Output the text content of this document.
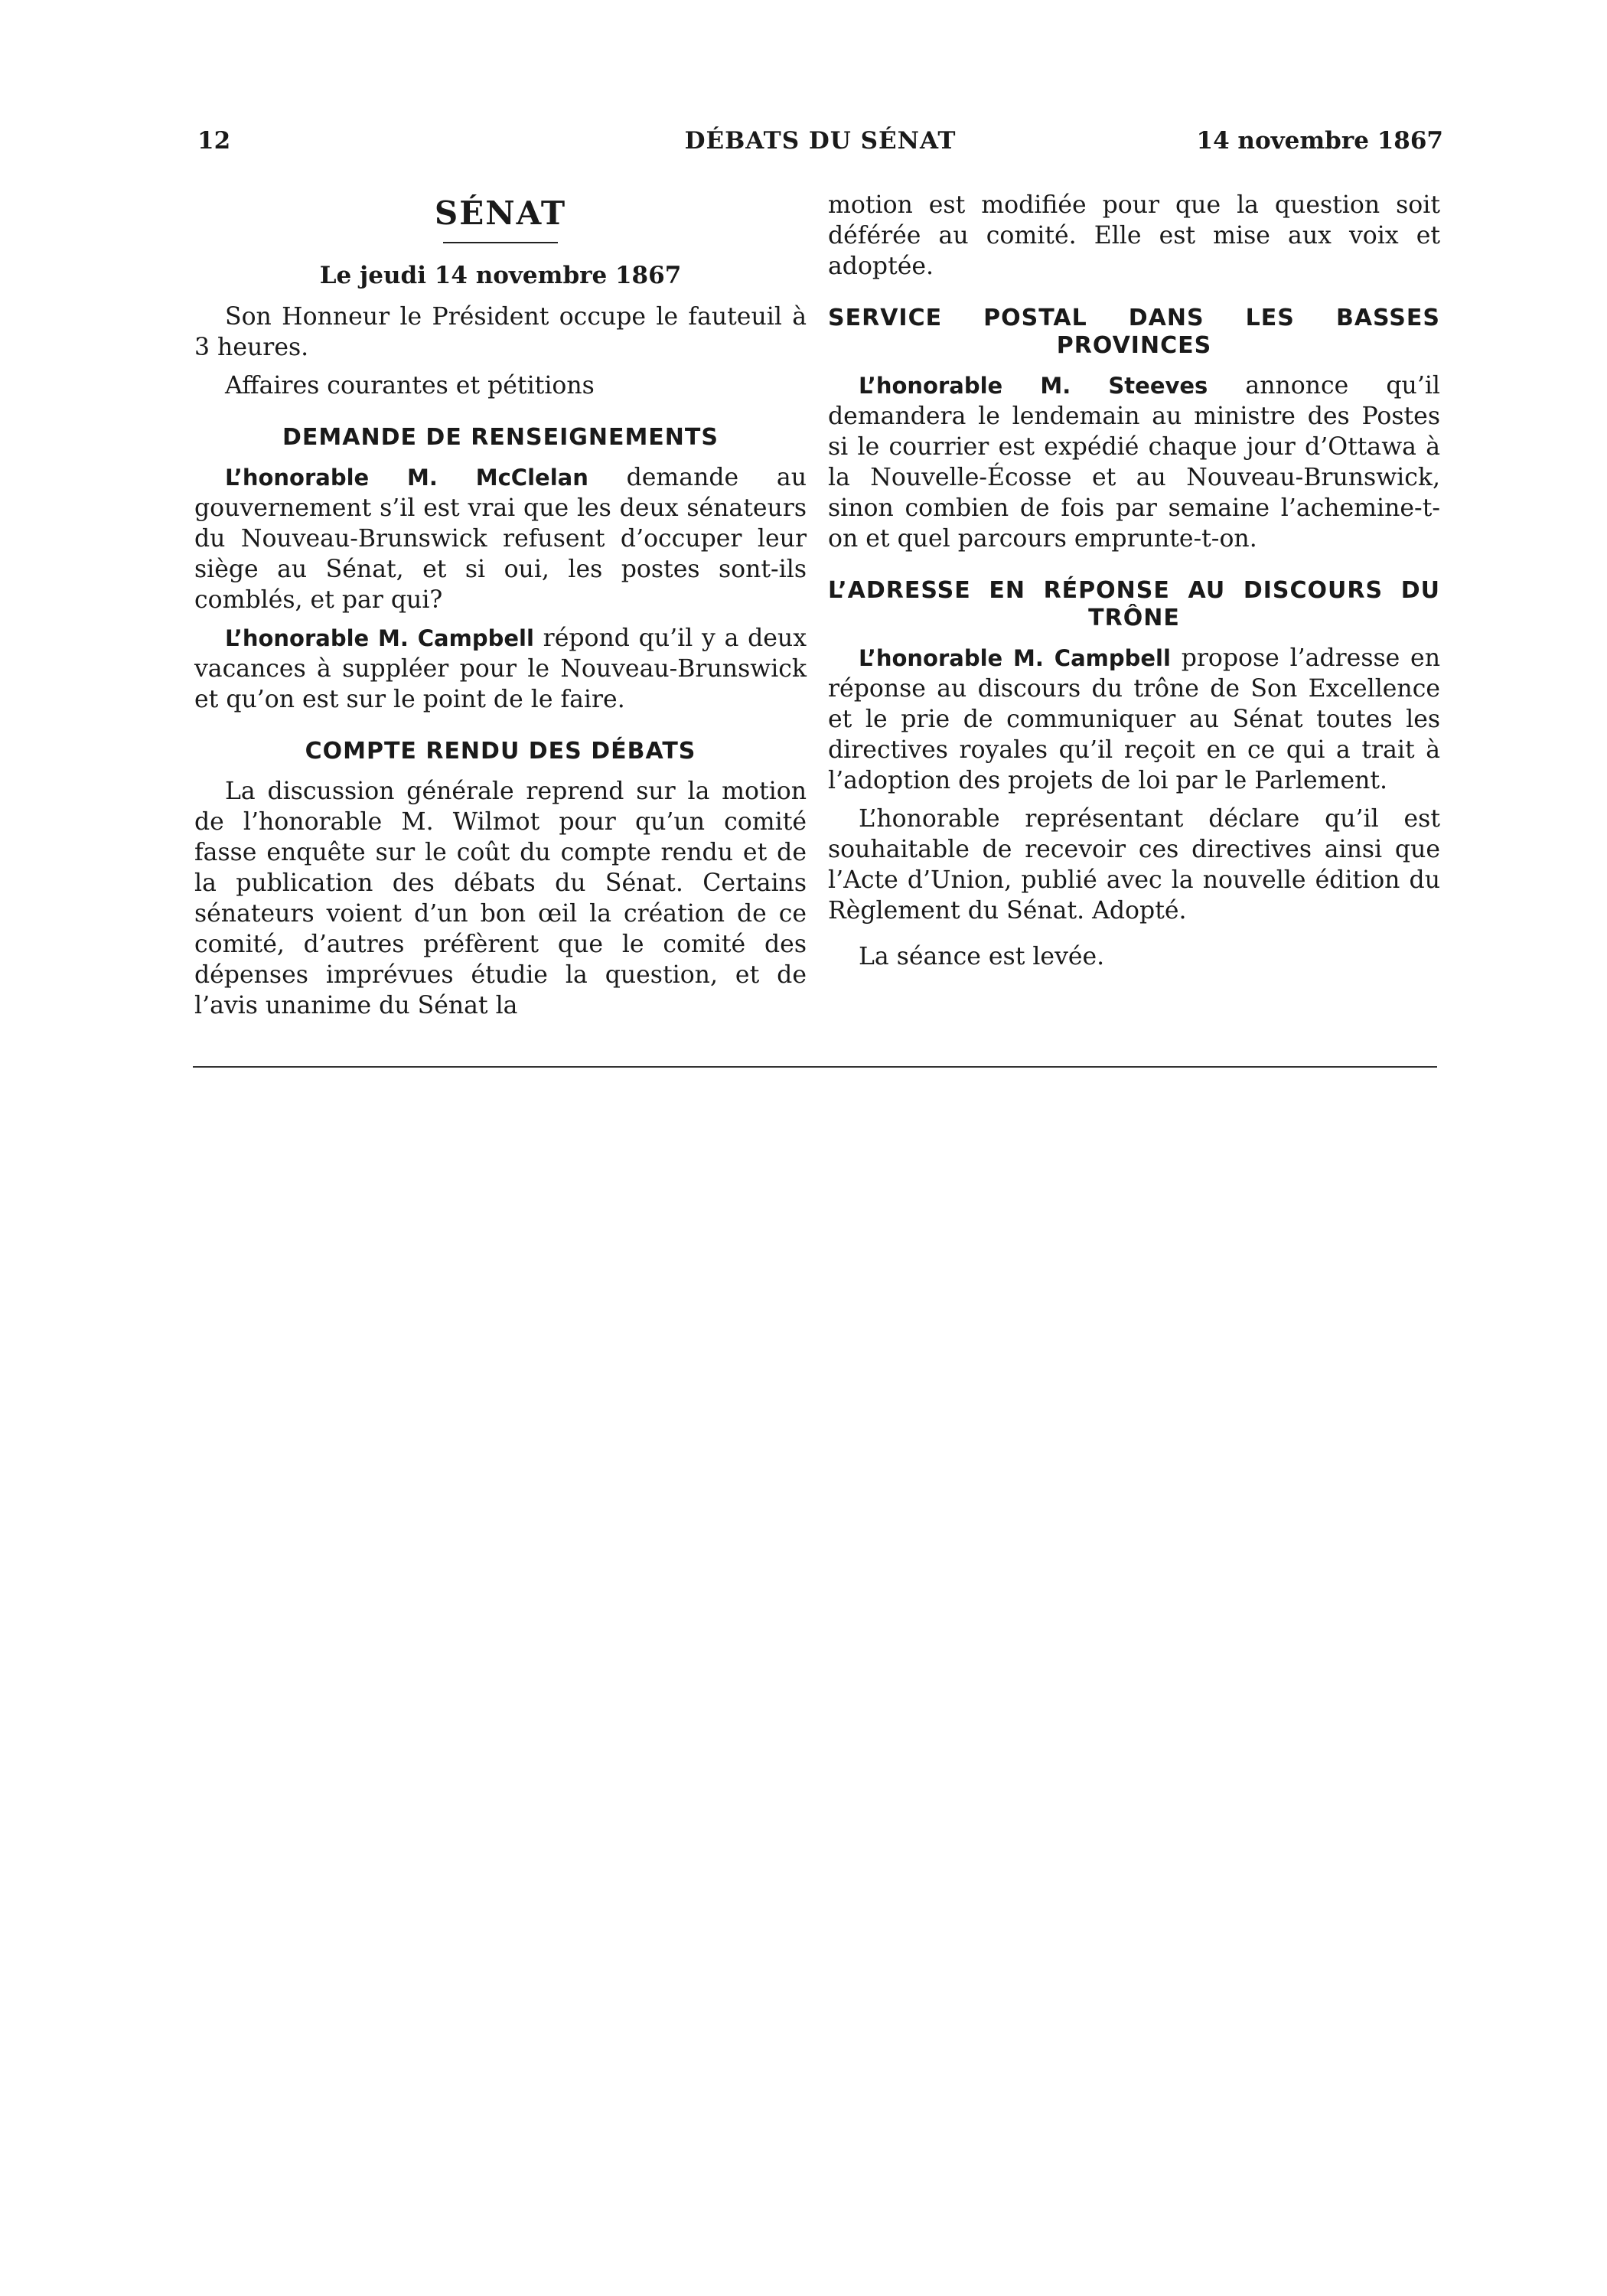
12	DÉBATS DU SÉNAT	14 novembre 1867
SÉNAT
Le jeudi 14 novembre 1867

Son Honneur le Président occupe le fauteuil à 3 heures.

Affaires courantes et pétitions

DEMANDE DE RENSEIGNEMENTS

L’honorable M. McClelan demande au gouvernement s’il est vrai que les deux sénateurs du Nouveau-Brunswick refusent d’occuper leur siège au Sénat, et si oui, les postes sont-ils comblés, et par qui?

L’honorable M. Campbell répond qu’il y a deux vacances à suppléer pour le Nouveau-Brunswick et qu’on est sur le point de le faire.

COMPTE RENDU DES DÉBATS

La discussion générale reprend sur la motion de l’honorable M. Wilmot pour qu’un comité fasse enquête sur le coût du compte rendu et de la publication des débats du Sénat. Certains sénateurs voient d’un bon œil la création de ce comité, d’autres préfèrent que le comité des dépenses imprévues étudie la question, et de l’avis unanime du Sénat la

motion est modifiée pour que la question soit déférée au comité. Elle est mise aux voix et adoptée.

SERVICE POSTAL DANS LES BASSES PROVINCES

L’honorable M. Steeves annonce qu’il demandera le lendemain au ministre des Postes si le courrier est expédié chaque jour d’Ottawa à la Nouvelle-Écosse et au Nouveau-Brunswick, sinon combien de fois par semaine l’achemine-t-on et quel parcours emprunte-t-on.

L’ADRESSE EN RÉPONSE AU DISCOURS DU TRÔNE

L’honorable M. Campbell propose l’adresse en réponse au discours du trône de Son Excellence et le prie de communiquer au Sénat toutes les directives royales qu’il reçoit en ce qui a trait à l’adoption des projets de loi par le Parlement.

L’honorable représentant déclare qu’il est souhaitable de recevoir ces directives ainsi que l’Acte d’Union, publié avec la nouvelle édition du Règlement du Sénat. Adopté.

La séance est levée.
